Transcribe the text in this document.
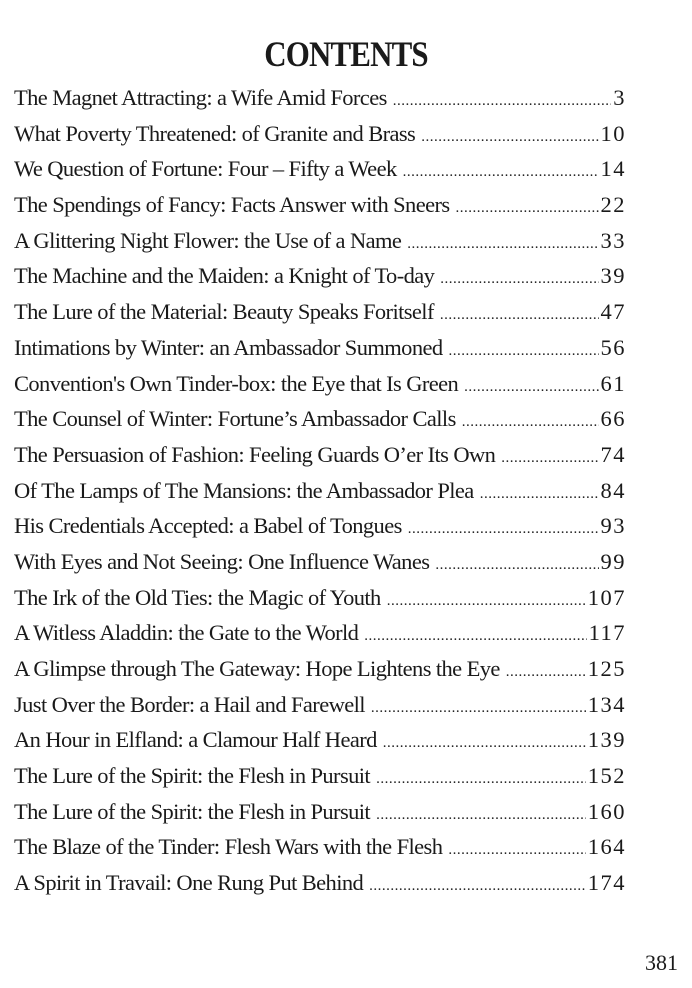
CONTENTS
The Magnet Attracting: a Wife Amid Forces .....	3
What Poverty Threatened: of Granite and Brass .....	10
We Question of Fortune: Four – Fifty a Week .....	14
The Spendings of Fancy: Facts Answer with Sneers .....	22
A Glittering Night Flower: the Use of a Name .....	33
The Machine and the Maiden: a Knight of To-day .....	39
The Lure of the Material: Beauty Speaks Foritself .....	47
Intimations by Winter: an Ambassador Summoned .....	56
Convention's Own Tinder-box: the Eye that Is Green .....	61
The Counsel of Winter: Fortune’s Ambassador Calls .....	66
The Persuasion of Fashion: Feeling Guards O’er Its Own .....	74
Of The Lamps of The Mansions: the Ambassador Plea .....	84
His Credentials Accepted: a Babel of Tongues .....	93
With Eyes and Not Seeing: One Influence Wanes .....	99
The Irk of the Old Ties: the Magic of Youth .....	107
A Witless Aladdin: the Gate to the World .....	117
A Glimpse through The Gateway: Hope Lightens the Eye .....	125
Just Over the Border: a Hail and Farewell .....	134
An Hour in Elfland: a Clamour Half Heard .....	139
The Lure of the Spirit: the Flesh in Pursuit .....	152
The Lure of the Spirit: the Flesh in Pursuit .....	160
The Blaze of the Tinder: Flesh Wars with the Flesh .....	164
A Spirit in Travail: One Rung Put Behind .....	174
381
